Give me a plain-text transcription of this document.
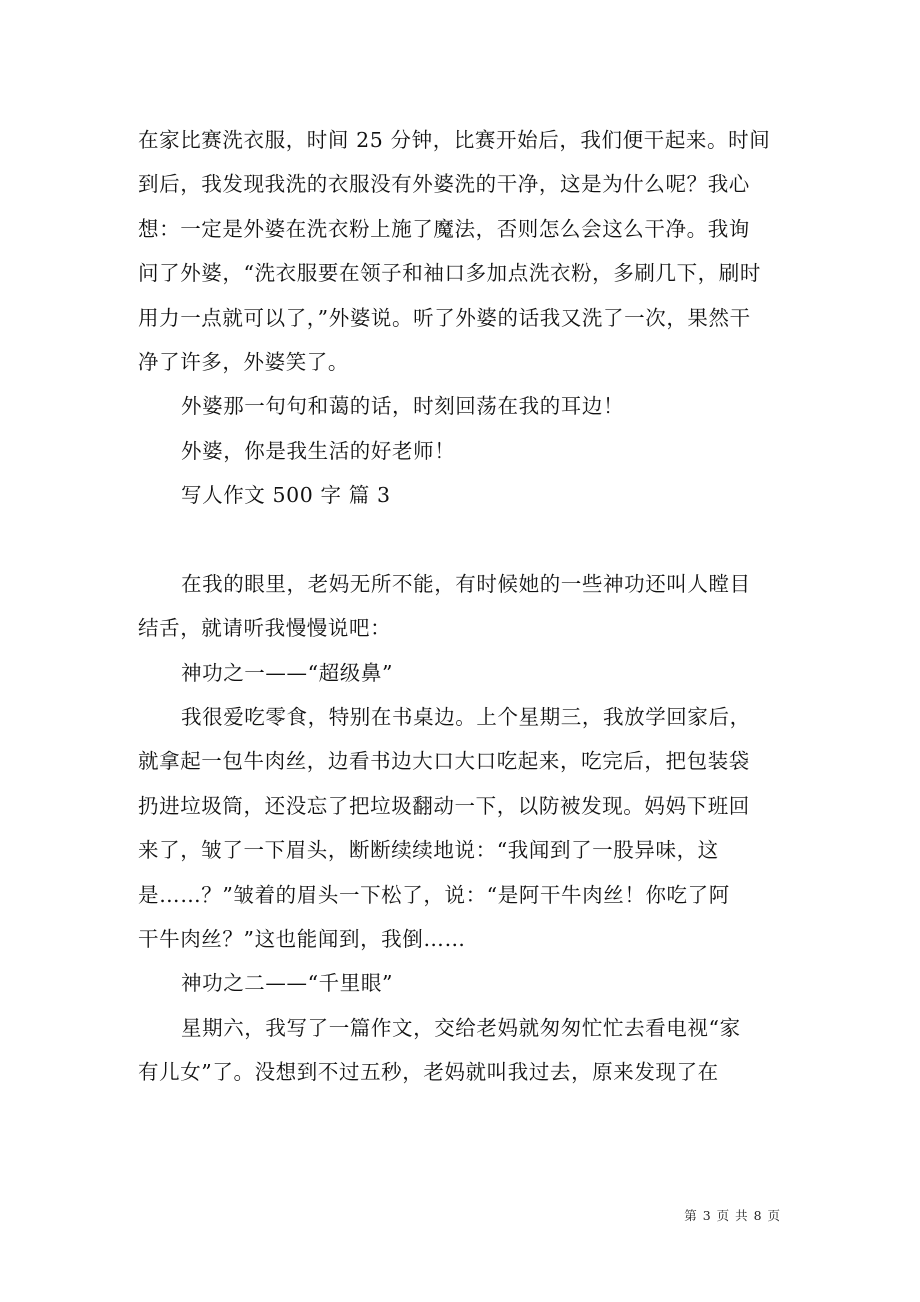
在家比赛洗衣服，时间 25 分钟，比赛开始后，我们便干起来。时间
到后，我发现我洗的衣服没有外婆洗的干净，这是为什么呢？我心
想：一定是外婆在洗衣粉上施了魔法，否则怎么会这么干净。我询
问了外婆，“洗衣服要在领子和袖口多加点洗衣粉，多刷几下，刷时
用力一点就可以了，”外婆说。听了外婆的话我又洗了一次，果然干
净了许多，外婆笑了。

外婆那一句句和蔼的话，时刻回荡在我的耳边！

外婆，你是我生活的好老师！

写人作文 500 字 篇 3

在我的眼里，老妈无所不能，有时候她的一些神功还叫人瞠目
结舌，就请听我慢慢说吧：

神功之一——“超级鼻”

我很爱吃零食，特别在书桌边。上个星期三，我放学回家后，
就拿起一包牛肉丝，边看书边大口大口吃起来，吃完后，把包装袋
扔进垃圾筒，还没忘了把垃圾翻动一下，以防被发现。妈妈下班回
来了，皱了一下眉头，断断续续地说：“我闻到了一股异味，这
是……？”皱着的眉头一下松了，说：“是阿干牛肉丝！你吃了阿
干牛肉丝？”这也能闻到，我倒……

神功之二——“千里眼”

星期六，我写了一篇作文，交给老妈就匆匆忙忙去看电视“家
有儿女”了。没想到不过五秒，老妈就叫我过去，原来发现了在

第 3 页 共 8 页
